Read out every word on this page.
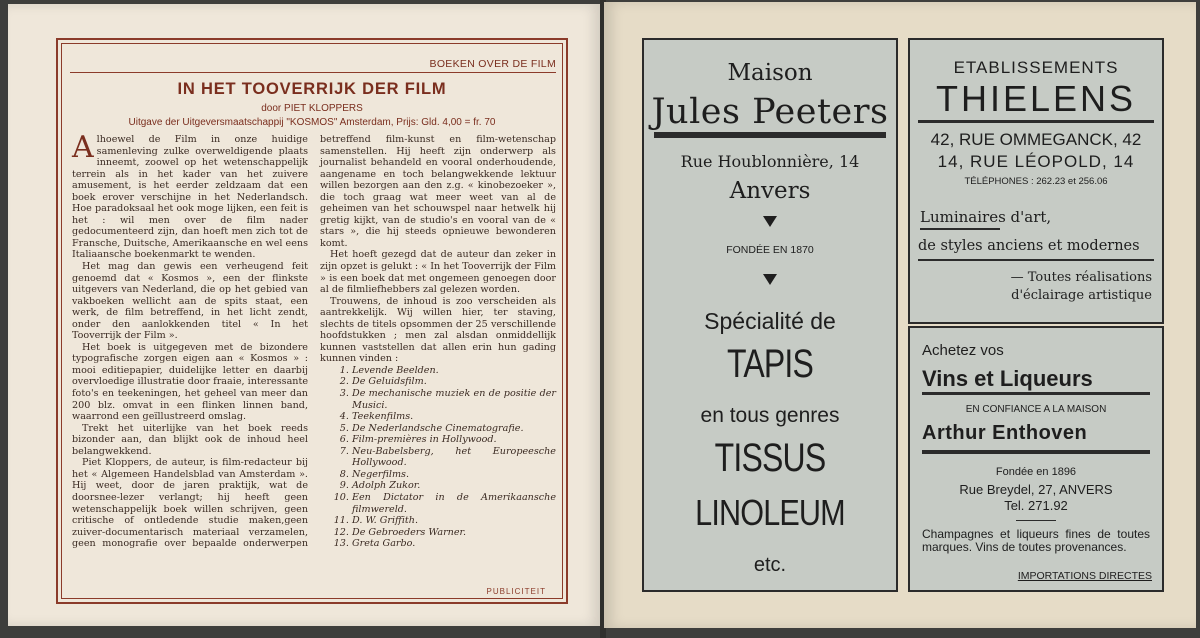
BOEKEN OVER DE FILM
IN HET TOOVERRIJK DER FILM
door PIET KLOPPERS
Uitgave der Uitgeversmaatschappij "KOSMOS" Amsterdam, Prijs: Gld. 4,00 = fr. 70

Alhoewel de Film in onze huidige samenleving zulke overweldigende plaats inneemt, zoowel op het wetenschappelijk terrein als in het kader van het zuivere amusement, is het eerder zeldzaam dat een boek erover verschijne in het Nederlandsch. Hoe paradoksaal het ook moge lijken, een feit is het : wil men over de film nader gedocumenteerd zijn, dan hoeft men zich tot de Fransche, Duitsche, Amerikaansche en wel eens Italiaansche boekenmarkt te wenden.

Het mag dan gewis een verheugend feit genoemd dat « Kosmos », een der flinkste uitgevers van Nederland, die op het gebied van vakboeken wellicht aan de spits staat, een werk, de film betreffend, in het licht zendt, onder den aanlokkenden titel « In het Tooverrijk der Film ».

Het boek is uitgegeven met de bizondere typografische zorgen eigen aan « Kosmos » : mooi editiepapier, duidelijke letter en daarbij overvloedige illustratie door fraaie, interessante foto's en teekeningen, het geheel van meer dan 200 blz. omvat in een flinken linnen band, waarrond een geïllustreerd omslag.

Trekt het uiterlijke van het boek reeds bizonder aan, dan blijkt ook de inhoud heel belangwekkend.

Piet Kloppers, de auteur, is film-redacteur bij het « Algemeen Handelsblad van Amsterdam ». Hij weet, door de jaren praktijk, wat de doorsnee-lezer verlangt; hij heeft geen wetenschappelijk boek willen schrijven, geen critische of ontledende studie maken,geen zuiver-documentarisch materiaal verzamelen, geen monografie over bepaalde onderwerpen betreffend film-kunst en film-wetenschap samenstellen. Hij heeft zijn onderwerp als journalist behandeld en vooral onderhoudende, aangename en toch belangwekkende lektuur willen bezorgen aan den z.g. « kinobezoeker », die toch graag wat meer weet van al de geheimen van het schouwspel naar hetwelk hij gretig kijkt, van de studio's en vooral van de « stars », die hij steeds opnieuwe bewonderen komt.

Het hoeft gezegd dat de auteur dan zeker in zijn opzet is gelukt : « In het Tooverrijk der Film » is een boek dat met ongemeen genoegen door al de filmliefhebbers zal gelezen worden.

Trouwens, de inhoud is zoo verscheiden als aantrekkelijk. Wij willen hier, ter staving, slechts de titels opsommen der 25 verschillende hoofdstukken ; men zal alsdan onmiddellijk kunnen vaststellen dat allen erin hun gading kunnen vinden :

1. Levende Beelden.
2. De Geluidsfilm.
3. De mechanische muziek en de positie der Musici.
4. Teekenfilms.
5. De Nederlandsche Cinematografie.
6. Film-premières in Hollywood.
7. Neu-Babelsberg, het Europeesche Hollywood.
8. Negerfilms.
9. Adolph Zukor.
10. Een Dictator in de Amerikaansche filmwereld.
11. D. W. Griffith.
12. De Gebroeders Warner.
13. Greta Garbo.
PUBLICITEIT
Maison
Jules Peeters
Rue Houblonnière, 14
Anvers
FONDÉE EN 1870
Spécialité de
TAPIS
en tous genres
TISSUS
LINOLEUM
etc.
ETABLISSEMENTS
THIELENS
42, RUE OMMEGANCK, 42
14, RUE LÉOPOLD, 14
TÉLÉPHONES : 262.23 et 256.06
Luminaires d'art,
de styles anciens et modernes
— Toutes réalisations
d'éclairage artistique
Achetez vos
Vins et Liqueurs
EN CONFIANCE A LA MAISON
Arthur Enthoven
Fondée en 1896
Rue Breydel, 27, ANVERS
Tel. 271.92
Champagnes et liqueurs fines de toutes marques. Vins de toutes provenances.
IMPORTATIONS DIRECTES
